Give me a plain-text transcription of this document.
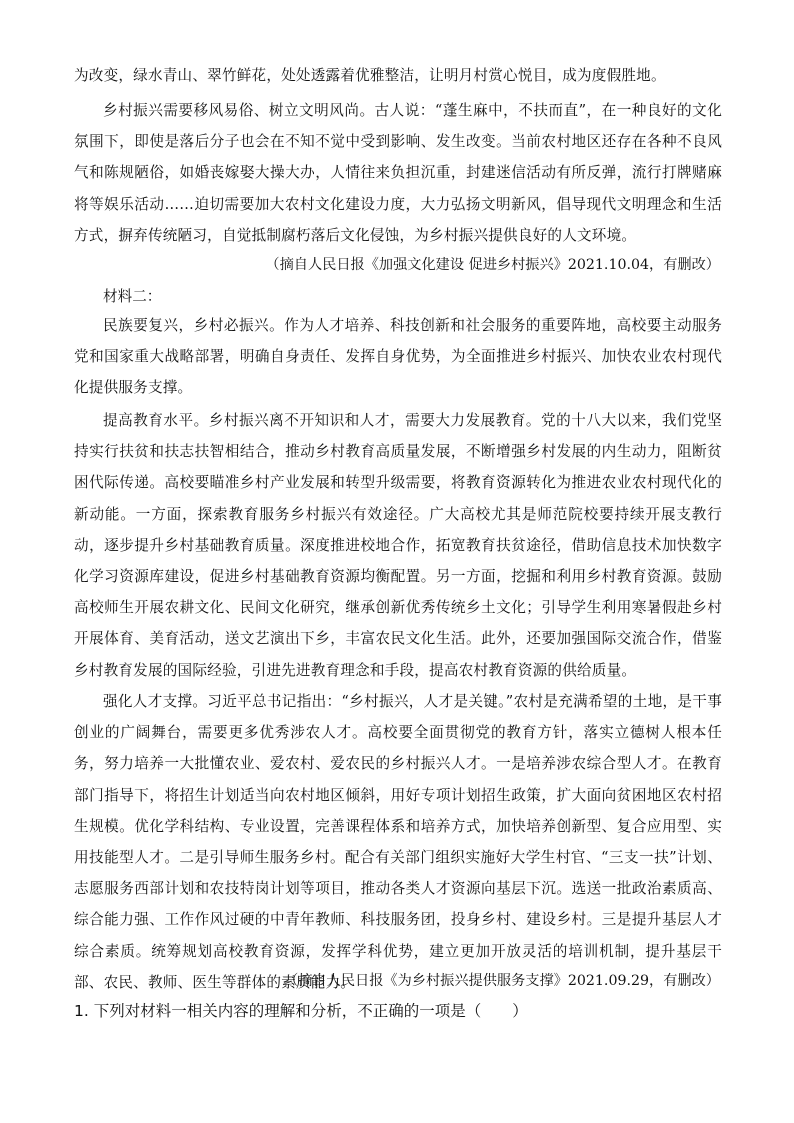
为改变，绿水青山、翠竹鲜花，处处透露着优雅整洁，让明月村赏心悦目，成为度假胜地。

乡村振兴需要移风易俗、树立文明风尚。古人说：“蓬生麻中，不扶而直”，在一种良好的文化氛围下，即使是落后分子也会在不知不觉中受到影响、发生改变。当前农村地区还存在各种不良风气和陈规陋俗，如婚丧嫁娶大操大办，人情往来负担沉重，封建迷信活动有所反弹，流行打牌赌麻将等娱乐活动……迫切需要加大农村文化建设力度，大力弘扬文明新风，倡导现代文明理念和生活方式，摒弃传统陋习，自觉抵制腐朽落后文化侵蚀，为乡村振兴提供良好的人文环境。

（摘自人民日报《加强文化建设 促进乡村振兴》2021.10.04，有删改）

材料二：

民族要复兴，乡村必振兴。作为人才培养、科技创新和社会服务的重要阵地，高校要主动服务党和国家重大战略部署，明确自身责任、发挥自身优势，为全面推进乡村振兴、加快农业农村现代化提供服务支撑。

提高教育水平。乡村振兴离不开知识和人才，需要大力发展教育。党的十八大以来，我们党坚持实行扶贫和扶志扶智相结合，推动乡村教育高质量发展，不断增强乡村发展的内生动力，阻断贫困代际传递。高校要瞄准乡村产业发展和转型升级需要，将教育资源转化为推进农业农村现代化的新动能。一方面，探索教育服务乡村振兴有效途径。广大高校尤其是师范院校要持续开展支教行动，逐步提升乡村基础教育质量。深度推进校地合作，拓宽教育扶贫途径，借助信息技术加快数字化学习资源库建设，促进乡村基础教育资源均衡配置。另一方面，挖掘和利用乡村教育资源。鼓励高校师生开展农耕文化、民间文化研究，继承创新优秀传统乡土文化；引导学生利用寒暑假赴乡村开展体育、美育活动，送文艺演出下乡，丰富农民文化生活。此外，还要加强国际交流合作，借鉴乡村教育发展的国际经验，引进先进教育理念和手段，提高农村教育资源的供给质量。

强化人才支撑。习近平总书记指出：“乡村振兴，人才是关键。”农村是充满希望的土地，是干事创业的广阔舞台，需要更多优秀涉农人才。高校要全面贯彻党的教育方针，落实立德树人根本任务，努力培养一大批懂农业、爱农村、爱农民的乡村振兴人才。一是培养涉农综合型人才。在教育部门指导下，将招生计划适当向农村地区倾斜，用好专项计划招生政策，扩大面向贫困地区农村招生规模。优化学科结构、专业设置，完善课程体系和培养方式，加快培养创新型、复合应用型、实用技能型人才。二是引导师生服务乡村。配合有关部门组织实施好大学生村官、“三支一扶”计划、志愿服务西部计划和农技特岗计划等项目，推动各类人才资源向基层下沉。选送一批政治素质高、综合能力强、工作作风过硬的中青年教师、科技服务团，投身乡村、建设乡村。三是提升基层人才综合素质。统筹规划高校教育资源，发挥学科优势，建立更加开放灵活的培训机制，提升基层干部、农民、教师、医生等群体的素质能力。

（摘自人民日报《为乡村振兴提供服务支撑》2021.09.29，有删改）

1. 下列对材料一相关内容的理解和分析，不正确的一项是（　　）
